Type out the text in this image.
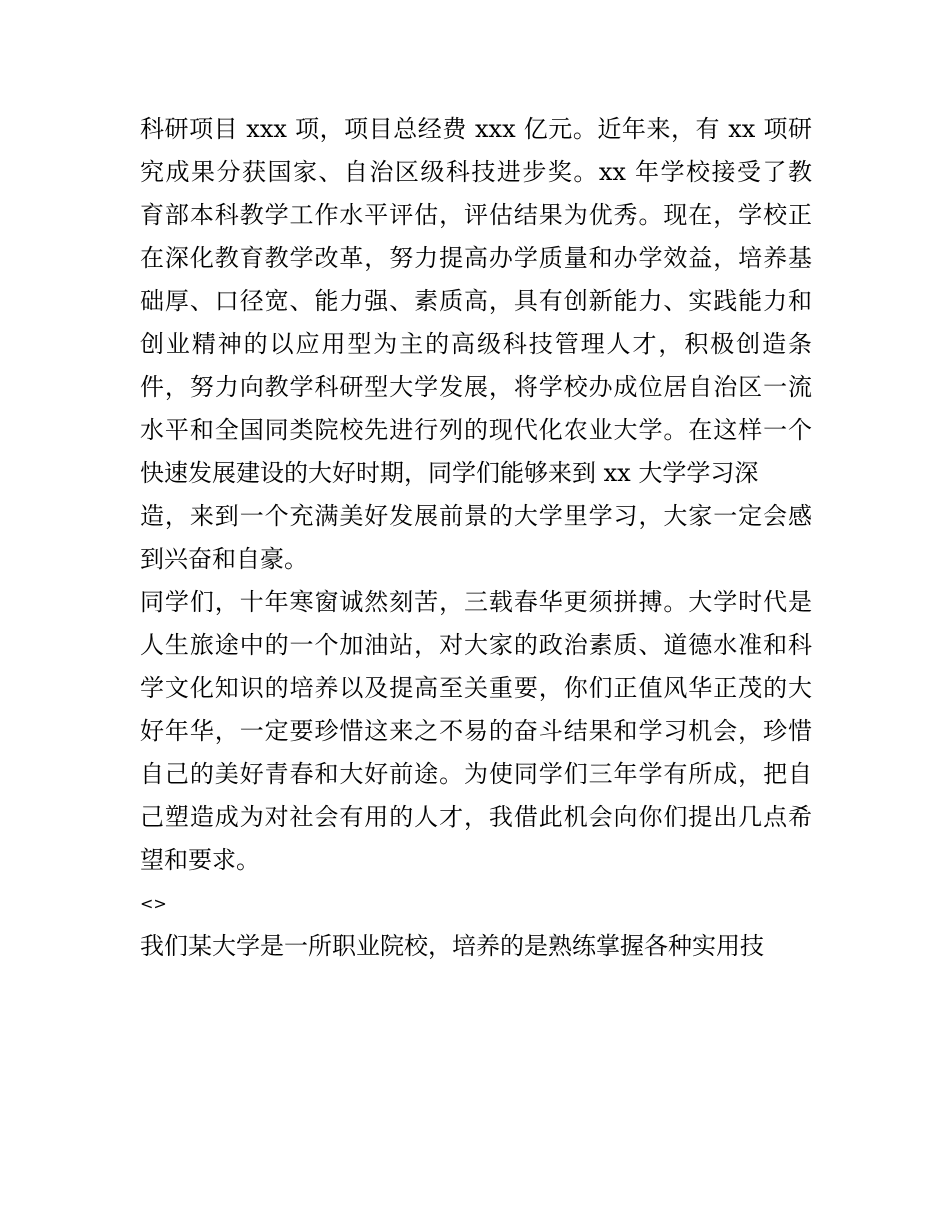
科研项目 xxx 项，项目总经费 xxx 亿元。近年来，有 xx 项研
究成果分获国家、自治区级科技进步奖。xx 年学校接受了教
育部本科教学工作水平评估，评估结果为优秀。现在，学校正
在深化教育教学改革，努力提高办学质量和办学效益，培养基
础厚、口径宽、能力强、素质高，具有创新能力、实践能力和
创业精神的以应用型为主的高级科技管理人才，积极创造条
件，努力向教学科研型大学发展，将学校办成位居自治区一流
水平和全国同类院校先进行列的现代化农业大学。在这样一个
快速发展建设的大好时期，同学们能够来到 xx 大学学习深
造，来到一个充满美好发展前景的大学里学习，大家一定会感
到兴奋和自豪。
同学们，十年寒窗诚然刻苦，三载春华更须拼搏。大学时代是
人生旅途中的一个加油站，对大家的政治素质、道德水准和科
学文化知识的培养以及提高至关重要，你们正值风华正茂的大
好年华，一定要珍惜这来之不易的奋斗结果和学习机会，珍惜
自己的美好青春和大好前途。为使同学们三年学有所成，把自
己塑造成为对社会有用的人才，我借此机会向你们提出几点希
望和要求。
<>
我们某大学是一所职业院校，培养的是熟练掌握各种实用技
